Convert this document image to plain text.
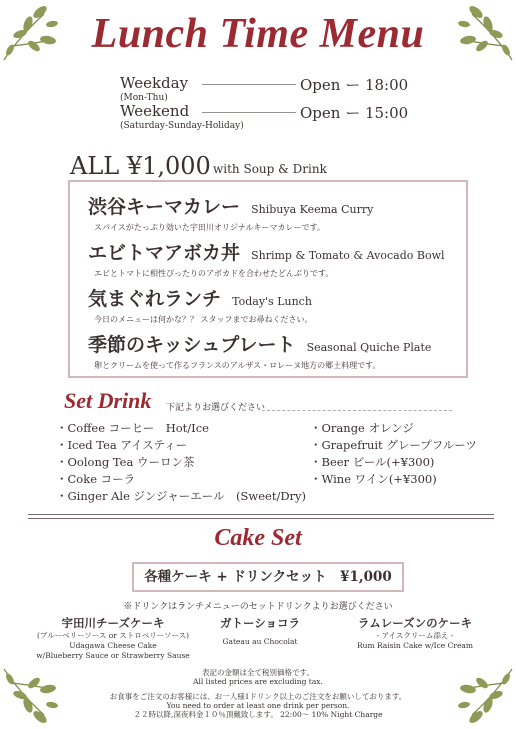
Lunch Time Menu
Weekday
(Mon-Thu)
Open ー 18:00
Weekend
(Saturday-Sunday-Holiday)
Open ー 15:00
ALL ¥1,000 with Soup & Drink
渋谷キーマカレー Shibuya Keema Curry
スパイスがたっぷり効いた宇田川オリジナルキーマカレーです。
エビトマアボカ丼 Shrimp & Tomato & Avocado Bowl
エビとトマトに相性ぴったりのアボカドを合わせたどんぶりです。
気まぐれランチ Today's Lunch
今日のメニューは何かな？？ スタッフまでお尋ねください。
季節のキッシュプレート Seasonal Quiche Plate
卵とクリームを使って作るフランスのアルザス・ロレーヌ地方の郷土料理です。
Set Drink 下記よりお選びください
・Coffee コーヒー　Hot/Ice
・Iced Tea アイスティー
・Oolong Tea ウーロン茶
・Coke コーラ
・Ginger Ale ジンジャーエール　(Sweet/Dry)
・Orange オレンジ
・Grapefruit グレープフルーツ
・Beer ビール(+¥300)
・Wine ワイン(+¥300)
Cake Set
各種ケーキ + ドリンクセット　¥1,000
※ドリンクはランチメニューのセットドリンクよりお選びください
宇田川チーズケーキ
(ブルーベリーソース or ストロベリーソース)
Udagawa Cheese Cake
w/Blueberry Sauce or Strawberry Sause
ガトーショコラ
Gateau au Chocolat
ラムレーズンのケーキ
- アイスクリーム添え -
Rum Raisin Cake w/Ice Cream
表記の金額は全て税別価格です。
All listed prices are excluding tax.
お食事をご注文のお客様には、お一人様1ドリンク以上のご注文をお願いしております。
You need to order at least one drink per person.
２２時以降,深夜料金１０％頂戴致します。 22:00～ 10% Night Charge
